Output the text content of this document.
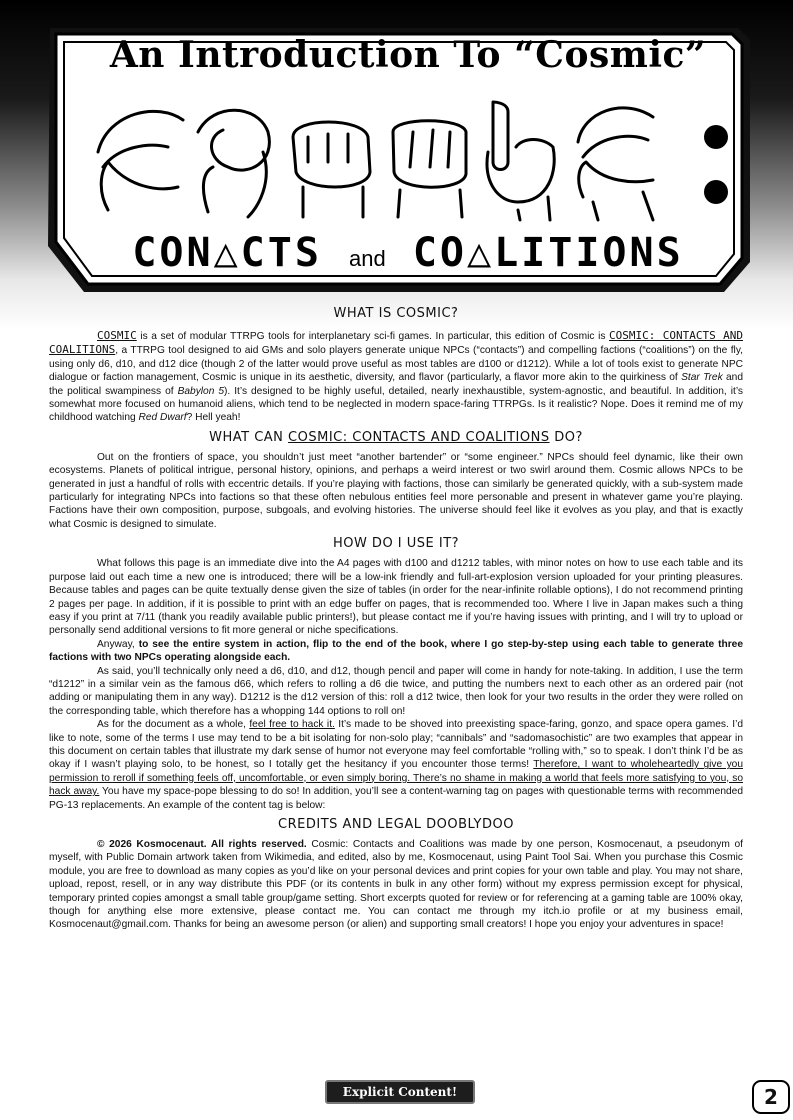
An Introduction To “Cosmic”
CON△CTS and CO△LITIONS
WHAT IS COSMIC?

COSMIC is a set of modular TTRPG tools for interplanetary sci-fi games. In particular, this edition of Cosmic is COSMIC: CONTACTS AND COALITIONS, a TTRPG tool designed to aid GMs and solo players generate unique NPCs (“contacts”) and compelling factions (“coalitions”) on the fly, using only d6, d10, and d12 dice (though 2 of the latter would prove useful as most tables are d100 or d1212). While a lot of tools exist to generate NPC dialogue or faction management, Cosmic is unique in its aesthetic, diversity, and flavor (particularly, a flavor more akin to the quirkiness of Star Trek and the political swampiness of Babylon 5). It’s designed to be highly useful, detailed, nearly inexhaustible, system-agnostic, and beautiful. In addition, it’s somewhat more focused on humanoid aliens, which tend to be neglected in modern space-faring TTRPGs. Is it realistic? Nope. Does it remind me of my childhood watching Red Dwarf? Hell yeah!

WHAT CAN COSMIC: CONTACTS AND COALITIONS DO?

Out on the frontiers of space, you shouldn’t just meet “another bartender” or “some engineer.” NPCs should feel dynamic, like their own ecosystems. Planets of political intrigue, personal history, opinions, and perhaps a weird interest or two swirl around them. Cosmic allows NPCs to be generated in just a handful of rolls with eccentric details. If you’re playing with factions, those can similarly be generated quickly, with a sub-system made particularly for integrating NPCs into factions so that these often nebulous entities feel more personable and present in whatever game you’re playing. Factions have their own composition, purpose, subgoals, and evolving histories. The universe should feel like it evolves as you play, and that is exactly what Cosmic is designed to simulate.

HOW DO I USE IT?

What follows this page is an immediate dive into the A4 pages with d100 and d1212 tables, with minor notes on how to use each table and its purpose laid out each time a new one is introduced; there will be a low-ink friendly and full-art-explosion version uploaded for your printing pleasures. Because tables and pages can be quite textually dense given the size of tables (in order for the near-infinite rollable options), I do not recommend printing 2 pages per page. In addition, if it is possible to print with an edge buffer on pages, that is recommended too. Where I live in Japan makes such a thing easy if you print at 7/11 (thank you readily available public printers!), but please contact me if you’re having issues with printing, and I will try to upload or personally send additional versions to fit more general or niche specifications.

Anyway, to see the entire system in action, flip to the end of the book, where I go step-by-step using each table to generate three factions with two NPCs operating alongside each.

As said, you’ll technically only need a d6, d10, and d12, though pencil and paper will come in handy for note-taking. In addition, I use the term “d1212” in a similar vein as the famous d66, which refers to rolling a d6 die twice, and putting the numbers next to each other as an ordered pair (not adding or manipulating them in any way). D1212 is the d12 version of this: roll a d12 twice, then look for your two results in the order they were rolled on the corresponding table, which therefore has a whopping 144 options to roll on!

As for the document as a whole, feel free to hack it. It’s made to be shoved into preexisting space-faring, gonzo, and space opera games. I’d like to note, some of the terms I use may tend to be a bit isolating for non-solo play; “cannibals” and “sadomasochistic” are two examples that appear in this document on certain tables that illustrate my dark sense of humor not everyone may feel comfortable “rolling with,” so to speak. I don’t think I’d be as okay if I wasn’t playing solo, to be honest, so I totally get the hesitancy if you encounter those terms! Therefore, I want to wholeheartedly give you permission to reroll if something feels off, uncomfortable, or even simply boring. There’s no shame in making a world that feels more satisfying to you, so hack away. You have my space-pope blessing to do so! In addition, you’ll see a content-warning tag on pages with questionable terms with recommended PG-13 replacements. An example of the content tag is below:

CREDITS AND LEGAL DOOBLYDOO

© 2026 Kosmocenaut. All rights reserved. Cosmic: Contacts and Coalitions was made by one person, Kosmocenaut, a pseudonym of myself, with Public Domain artwork taken from Wikimedia, and edited, also by me, Kosmocenaut, using Paint Tool Sai. When you purchase this Cosmic module, you are free to download as many copies as you’d like on your personal devices and print copies for your own table and play. You may not share, upload, repost, resell, or in any way distribute this PDF (or its contents in bulk in any other form) without my express permission except for physical, temporary printed copies amongst a small table group/game setting. Short excerpts quoted for review or for referencing at a gaming table are 100% okay, though for anything else more extensive, please contact me. You can contact me through my itch.io profile or at my business email, Kosmocenaut@gmail.com. Thanks for being an awesome person (or alien) and supporting small creators! I hope you enjoy your adventures in space!

Explicit Content!	2
